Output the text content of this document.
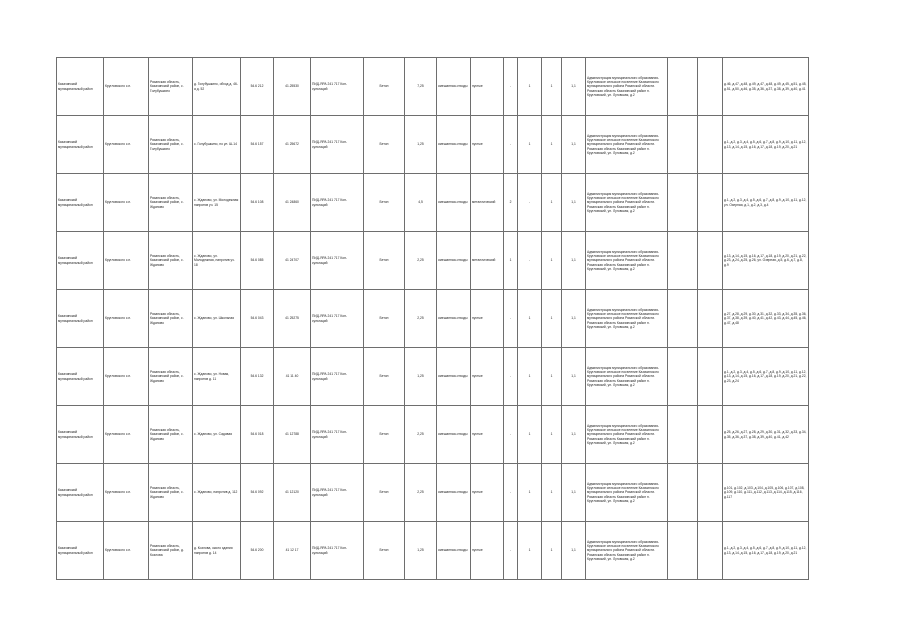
Казачинский муниципальный район	Кругловского с.п.	Рязанская область, Казачинский район, с. Голубушкино	д. Голубушкино, обход д. 46-а д. 52	54.6 212	41.25530	ПИД-ЯРА 241 717 Кон-сультаций	Бетон	7,25	смешанная-отходы	пустые	-	1	1	1,1	Администрация муниципального образования-Кругловское сельское поселение Казачинского муниципального района Рязанской области. Рязанская область Казачинский район п. Кругловский, ул. Луговская, д.2			д.46, д.47, д.48, д.49, д.47, д.48, д.49, д.45, д.51, д.45, д.51, д.50, д.46, д.35, д.36, д.37, д.38, д.39, д.40, д.41
Казачинский муниципальный район	Кругловского с.п.	Рязанская область, Казачинский район, с. Голубушкино	с. Голубушкино, по ул. Ш-14	54.6 157	41 25672	ПИД-ЯРА 241 717 Кон-сультаций	Бетон	1,25	смешанная-отходы	пустые	-	1	1	1,1	Администрация муниципального образования-Кругловское сельское поселение Казачинского муниципального района Рязанской области. Рязанская область Казачинский район п. Кругловский, ул. Луговская, д.2			д.1, д.2, д.3, д.4, д.5, д.6, д.7, д.8, д.9, д.10, д.11, д.12, д.13, д.14, д.15, д.16, д.17, д.18, д.19, д.20, д.21
Казачинский муниципальный район	Кругловского с.п.	Рязанская область, Казачинский район, с. Жданово	с. Жданово, ул. Молодежная напротив уч. 15	54.6 108	41 24860	ПИД-ЯРА 241 717 Кон-сультаций	Бетон	4,5	смешанная-отходы	металлический	2	-	1	1,1	Администрация муниципального образования-Кругловское сельское поселение Казачинского муниципального района Рязанской области. Рязанская область Казачинский район п. Кругловский, ул. Луговская, д.2			д.1, д.2, д.3, д.4, д.5, д.6, д.7, д.8, д.9, д.10, д.11, д.12, ул. Озерная, д.1, д.2, д.3, д.4
Казачинский муниципальный район	Кругловского с.п.	Рязанская область, Казачинский район, с. Жданово	с. Жданово, ул. Молодежная, напротив уч. 18	54.6 085	41 24707	ПИД-ЯРА 241 717 Кон-сультаций	Бетон	2,25	смешанная-отходы	металлический	1	-	1	1,1	Администрация муниципального образования-Кругловское сельское поселение Казачинского муниципального района Рязанской области. Рязанская область Казачинский район п. Кругловский, ул. Луговская, д.2			д.13, д.14, д.15, д.16, д.17, д.18, д.19, д.20, д.21, д.22, д.23, д.24, д.25, д.26, ул. Озерная, д.5, д.6, д.7, д.8, д.9
Казачинский муниципальный район	Кругловского с.п.	Рязанская область, Казачинский район, с. Жданово	с. Жданово, ул. Школьная	54.6 043	41 25275	ПИД-ЯРА 241 717 Кон-сультаций	Бетон	2,25	смешанная-отходы	пустые	-	1	1	1,1	Администрация муниципального образования-Кругловское сельское поселение Казачинского муниципального района Рязанской области. Рязанская область Казачинский район п. Кругловский, ул. Луговская, д.2			д.27, д.28, д.29, д.30, д.31, д.32, д.33, д.34, д.35, д.36, д.37, д.38, д.39, д.40, д.41, д.42, д.43, д.44, д.45, д.46, д.47, д.48
Казачинский муниципальный район	Кругловского с.п.	Рязанская область, Казачинский район, с. Жданово	с. Жданово, ул. Новая, напротив д. 11	54.6 132	41 11 40	ПИД-ЯРА 241 717 Кон-сультаций	Бетон	1,25	смешанная-отходы	пустые	-	1	1	1,1	Администрация муниципального образования-Кругловское сельское поселение Казачинского муниципального района Рязанской области. Рязанская область Казачинский район п. Кругловский, ул. Луговская, д.2			д.1, д.2, д.3, д.4, д.5, д.6, д.7, д.8, д.9, д.10, д.11, д.12, д.13, д.14, д.15, д.16, д.17, д.18, д.19, д.20, д.21, д.22, д.23, д.24
Казачинский муниципальный район	Кругловского с.п.	Рязанская область, Казачинский район, с. Жданово	с. Жданово, ул. Садовая	54.6 018	41 12788	ПИД-ЯРА 241 717 Кон-сультаций	Бетон	2,25	смешанная-отходы	пустые	-	1	1	1,1	Администрация муниципального образования-Кругловское сельское поселение Казачинского муниципального района Рязанской области. Рязанская область Казачинский район п. Кругловский, ул. Луговская, д.2			д.25, д.26, д.27, д.28, д.29, д.30, д.31, д.32, д.33, д.34, д.35, д.36, д.37, д.38, д.39, д.40, д.41, д.42
Казачинский муниципальный район	Кругловского с.п.	Рязанская область, Казачинский район, с. Жданово	с. Жданово, напротив д. 112	54.6 092	41 12120	ПИД-ЯРА 241 717 Кон-сультаций	Бетон	2,25	смешанная-отходы	пустые	-	1	1	1,1	Администрация муниципального образования-Кругловское сельское поселение Казачинского муниципального района Рязанской области. Рязанская область Казачинский район п. Кругловский, ул. Луговская, д.2			д.101, д.102, д.103, д.104, д.105, д.106, д.107, д.108, д.109, д.110, д.111, д.112, д.113, д.114, д.115, д.116, д.117
Казачинский муниципальный район	Кругловского с.п.	Рязанская область, Казачинский район, д. Козлова	д. Козлова, около здания напротив д. 14	54.6 200	41 12 17	ПИД-ЯРА 241 717 Кон-сультаций	Бетон	1,25	смешанная-отходы	пустые	-	1	1	1,1	Администрация муниципального образования-Кругловское сельское поселение Казачинского муниципального района Рязанской области. Рязанская область Казачинский район п. Кругловский, ул. Луговская, д.2			д.1, д.2, д.3, д.4, д.5, д.6, д.7, д.8, д.9, д.10, д.11, д.12, д.13, д.14, д.15, д.16, д.17, д.18, д.19, д.20, д.21
